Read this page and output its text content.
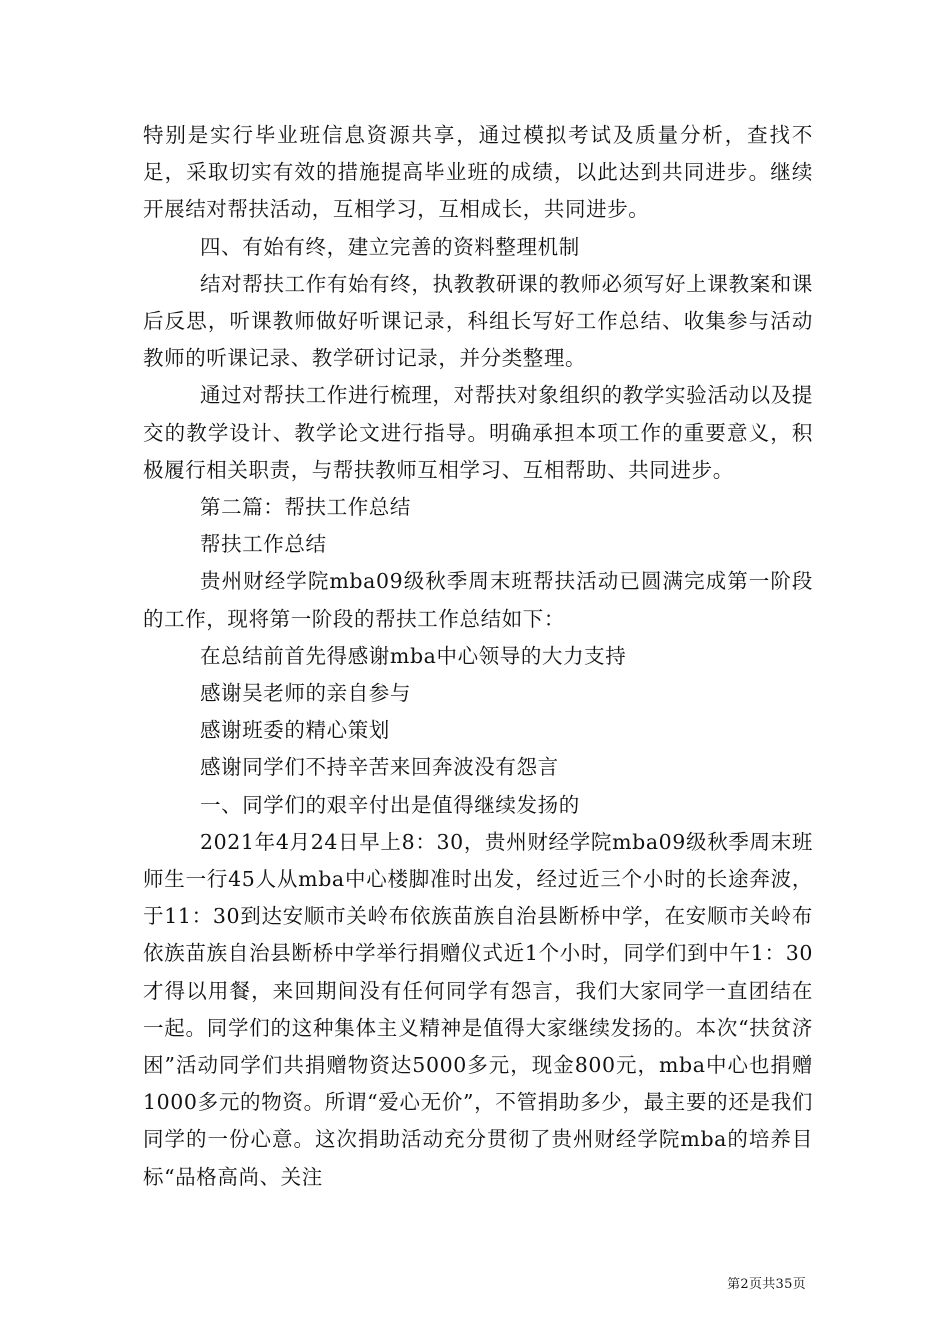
特别是实行毕业班信息资源共享，通过模拟考试及质量分析，查找不足，采取切实有效的措施提高毕业班的成绩，以此达到共同进步。继续开展结对帮扶活动，互相学习，互相成长，共同进步。

四、有始有终，建立完善的资料整理机制

结对帮扶工作有始有终，执教教研课的教师必须写好上课教案和课后反思，听课教师做好听课记录，科组长写好工作总结、收集参与活动教师的听课记录、教学研讨记录，并分类整理。

通过对帮扶工作进行梳理，对帮扶对象组织的教学实验活动以及提交的教学设计、教学论文进行指导。明确承担本项工作的重要意义，积极履行相关职责，与帮扶教师互相学习、互相帮助、共同进步。

第二篇：帮扶工作总结

帮扶工作总结

贵州财经学院mba09级秋季周末班帮扶活动已圆满完成第一阶段的工作，现将第一阶段的帮扶工作总结如下：

在总结前首先得感谢mba中心领导的大力支持

感谢吴老师的亲自参与

感谢班委的精心策划

感谢同学们不持辛苦来回奔波没有怨言

一、同学们的艰辛付出是值得继续发扬的

2021年4月24日早上8：30，贵州财经学院mba09级秋季周末班师生一行45人从mba中心楼脚准时出发，经过近三个小时的长途奔波，于11：30到达安顺市关岭布依族苗族自治县断桥中学，在安顺市关岭布依族苗族自治县断桥中学举行捐赠仪式近1个小时，同学们到中午1：30才得以用餐，来回期间没有任何同学有怨言，我们大家同学一直团结在一起。同学们的这种集体主义精神是值得大家继续发扬的。本次“扶贫济困”活动同学们共捐赠物资达5000多元，现金800元，mba中心也捐赠1000多元的物资。所谓“爱心无价”，不管捐助多少，最主要的还是我们同学的一份心意。这次捐助活动充分贯彻了贵州财经学院mba的培养目标“品格高尚、关注

第2页共35页
